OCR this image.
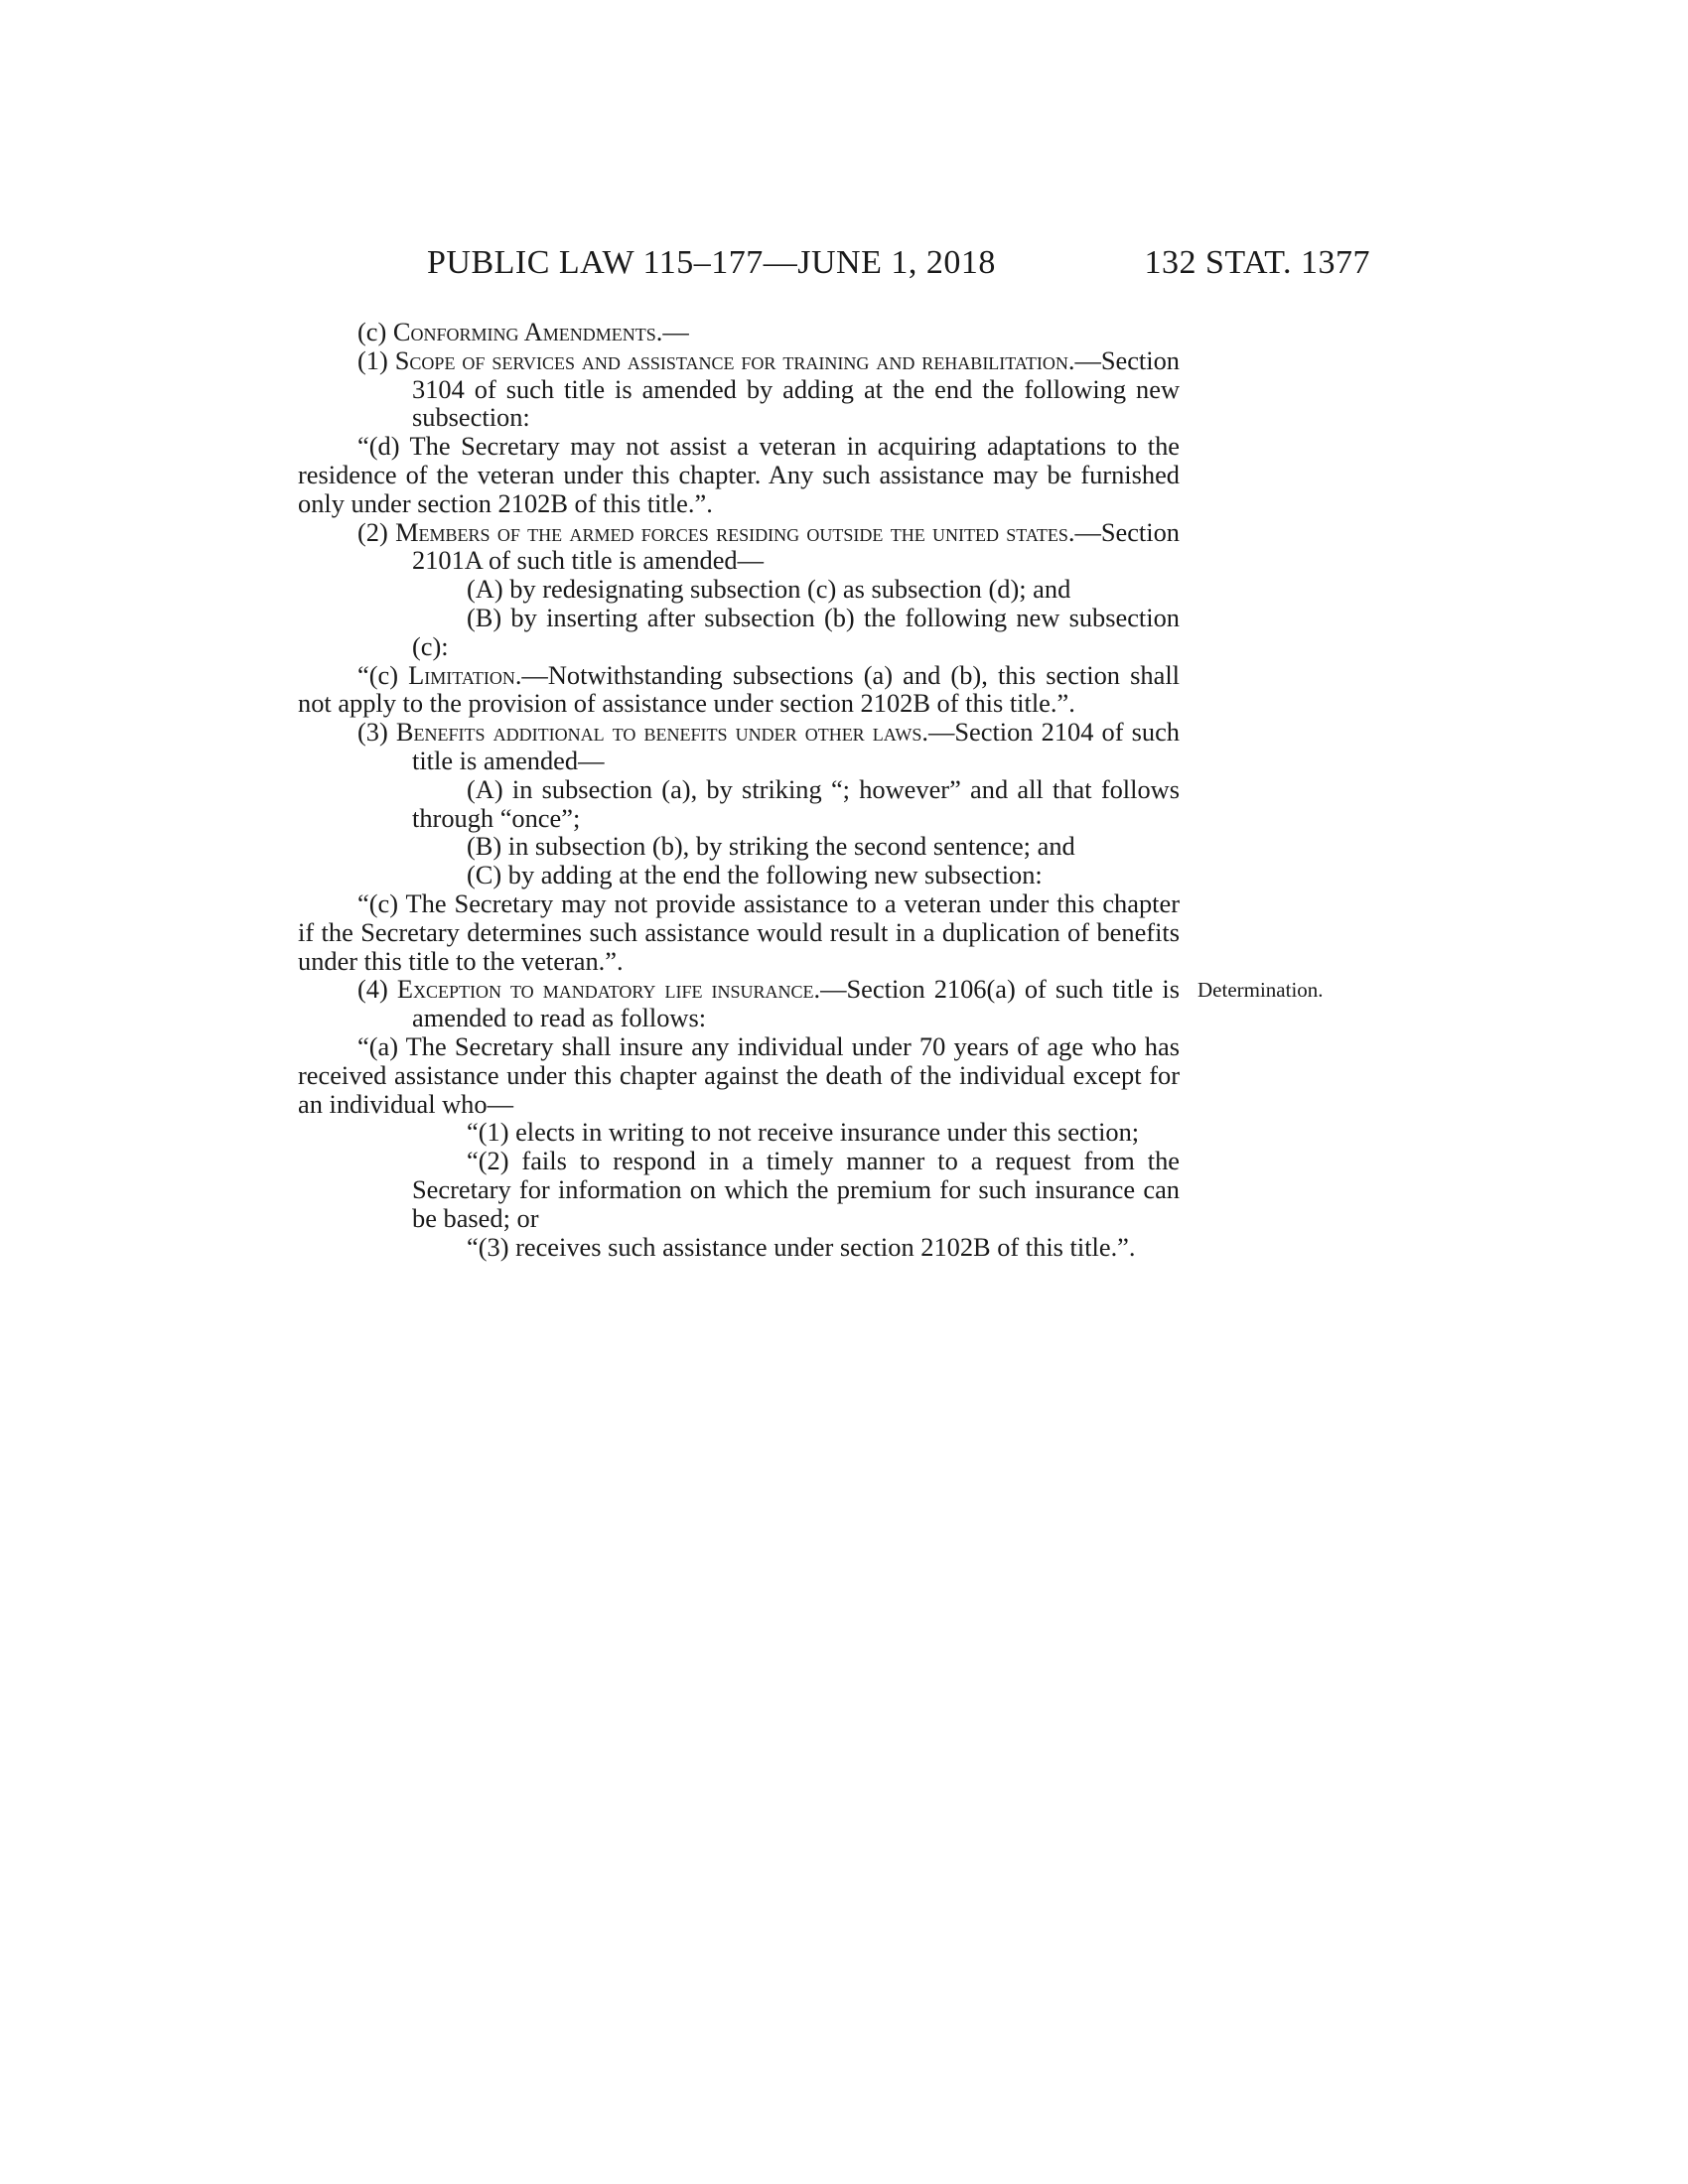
PUBLIC LAW 115–177—JUNE 1, 2018	132 STAT. 1377

(c) Conforming Amendments.—

(1) Scope of services and assistance for training and rehabilitation.—Section 3104 of such title is amended by adding at the end the following new subsection:

“(d) The Secretary may not assist a veteran in acquiring adaptations to the residence of the veteran under this chapter. Any such assistance may be furnished only under section 2102B of this title.”.

(2) Members of the armed forces residing outside the united states.—Section 2101A of such title is amended—

(A) by redesignating subsection (c) as subsection (d); and

(B) by inserting after subsection (b) the following new subsection (c):

“(c) Limitation.—Notwithstanding subsections (a) and (b), this section shall not apply to the provision of assistance under section 2102B of this title.”.

(3) Benefits additional to benefits under other laws.—Section 2104 of such title is amended—

(A) in subsection (a), by striking “; however” and all that follows through “once”;

(B) in subsection (b), by striking the second sentence; and

(C) by adding at the end the following new subsection:

“(c) The Secretary may not provide assistance to a veteran under this chapter if the Secretary determines such assistance would result in a duplication of benefits under this title to the veteran.”.

(4) Exception to mandatory life insurance.—Section 2106(a) of such title is amended to read as follows:

“(a) The Secretary shall insure any individual under 70 years of age who has received assistance under this chapter against the death of the individual except for an individual who—

“(1) elects in writing to not receive insurance under this section;

“(2) fails to respond in a timely manner to a request from the Secretary for information on which the premium for such insurance can be based; or

“(3) receives such assistance under section 2102B of this title.”.

Determination.
